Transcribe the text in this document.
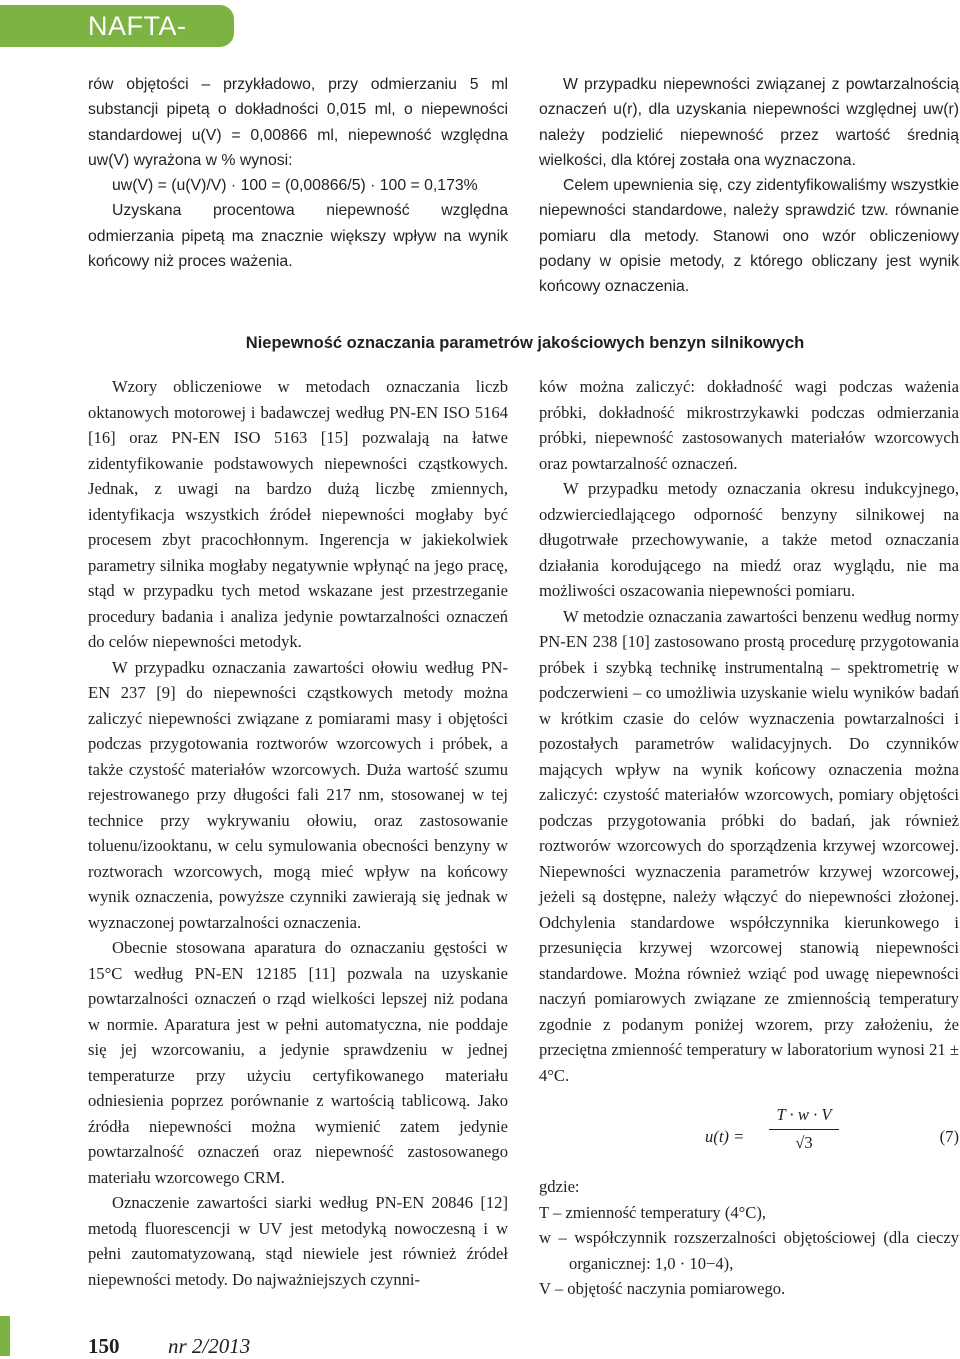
NAFTA-GAZ

rów objętości – przykładowo, przy odmierzaniu 5 ml substancji pipetą o dokładności 0,015 ml, o niepewności standardowej u(V) = 0,00866 ml, niepewność względna uw(V) wyrażona w % wynosi:

uw(V) = (u(V)/V) · 100 = (0,00866/5) · 100 = 0,173%

Uzyskana procentowa niepewność względna odmierzania pipetą ma znacznie większy wpływ na wynik końcowy niż proces ważenia.

W przypadku niepewności związanej z powtarzalnością oznaczeń u(r), dla uzyskania niepewności względnej uw(r) należy podzielić niepewność przez wartość średnią wielkości, dla której została ona wyznaczona.

Celem upewnienia się, czy zidentyfikowaliśmy wszystkie niepewności standardowe, należy sprawdzić tzw. równanie pomiaru dla metody. Stanowi ono wzór obliczeniowy podany w opisie metody, z którego obliczany jest wynik końcowy oznaczenia.

Niepewność oznaczania parametrów jakościowych benzyn silnikowych

Wzory obliczeniowe w metodach oznaczania liczb oktanowych motorowej i badawczej według PN-EN ISO 5164 [16] oraz PN-EN ISO 5163 [15] pozwalają na łatwe zidentyfikowanie podstawowych niepewności cząstkowych. Jednak, z uwagi na bardzo dużą liczbę zmiennych, identyfikacja wszystkich źródeł niepewności mogłaby być procesem zbyt pracochłonnym. Ingerencja w jakiekolwiek parametry silnika mogłaby negatywnie wpłynąć na jego pracę, stąd w przypadku tych metod wskazane jest przestrzeganie procedury badania i analiza jedynie powtarzalności oznaczeń do celów niepewności metodyk.

W przypadku oznaczania zawartości ołowiu według PN-EN 237 [9] do niepewności cząstkowych metody można zaliczyć niepewności związane z pomiarami masy i objętości podczas przygotowania roztworów wzorcowych i próbek, a także czystość materiałów wzorcowych. Duża wartość szumu rejestrowanego przy długości fali 217 nm, stosowanej w tej technice przy wykrywaniu ołowiu, oraz zastosowanie toluenu/izooktanu, w celu symulowania obecności benzyny w roztworach wzorcowych, mogą mieć wpływ na końcowy wynik oznaczenia, powyższe czynniki zawierają się jednak w wyznaczonej powtarzalności oznaczenia.

Obecnie stosowana aparatura do oznaczaniu gęstości w 15°C według PN-EN 12185 [11] pozwala na uzyskanie powtarzalności oznaczeń o rząd wielkości lepszej niż podana w normie. Aparatura jest w pełni automatyczna, nie poddaje się jej wzorcowaniu, a jedynie sprawdzeniu w jednej temperaturze przy użyciu certyfikowanego materiału odniesienia poprzez porównanie z wartością tablicową. Jako źródła niepewności można wymienić zatem jedynie powtarzalność oznaczeń oraz niepewność zastosowanego materiału wzorcowego CRM.

Oznaczenie zawartości siarki według PN-EN 20846 [12] metodą fluorescencji w UV jest metodyką nowoczesną i w pełni zautomatyzowaną, stąd niewiele jest również źródeł niepewności metody. Do najważniejszych czynni-

ków można zaliczyć: dokładność wagi podczas ważenia próbki, dokładność mikrostrzykawki podczas odmierzania próbki, niepewność zastosowanych materiałów wzorcowych oraz powtarzalność oznaczeń.

W przypadku metody oznaczania okresu indukcyjnego, odzwierciedlającego odporność benzyny silnikowej na długotrwałe przechowywanie, a także metod oznaczania działania korodującego na miedź oraz wyglądu, nie ma możliwości oszacowania niepewności pomiaru.

W metodzie oznaczania zawartości benzenu według normy PN-EN 238 [10] zastosowano prostą procedurę przygotowania próbek i szybką technikę instrumentalną – spektrometrię w podczerwieni – co umożliwia uzyskanie wielu wyników badań w krótkim czasie do celów wyznaczenia powtarzalności i pozostałych parametrów walidacyjnych. Do czynników mających wpływ na wynik końcowy oznaczenia można zaliczyć: czystość materiałów wzorcowych, pomiary objętości podczas przygotowania próbki do badań, jak również roztworów wzorcowych do sporządzenia krzywej wzorcowej. Niepewności wyznaczenia parametrów krzywej wzorcowej, jeżeli są dostępne, należy włączyć do niepewności złożonej. Odchylenia standardowe współczynnika kierunkowego i przesunięcia krzywej wzorcowej stanowią niepewności standardowe. Można również wziąć pod uwagę niepewności naczyń pomiarowych związane ze zmiennością temperatury zgodnie z podanym poniżej wzorem, przy założeniu, że przeciętna zmienność temperatury w laboratorium wynosi 21 ± 4°C.

$u(t) = \frac{T \cdot w \cdot V}{√3}$	(7)

gdzie:

T – zmienność temperatury (4°C),

w – współczynnik rozszerzalności objętościowej (dla cieczy organicznej: 1,0 · 10−4),

V – objętość naczynia pomiarowego.

150 nr 2/2013
